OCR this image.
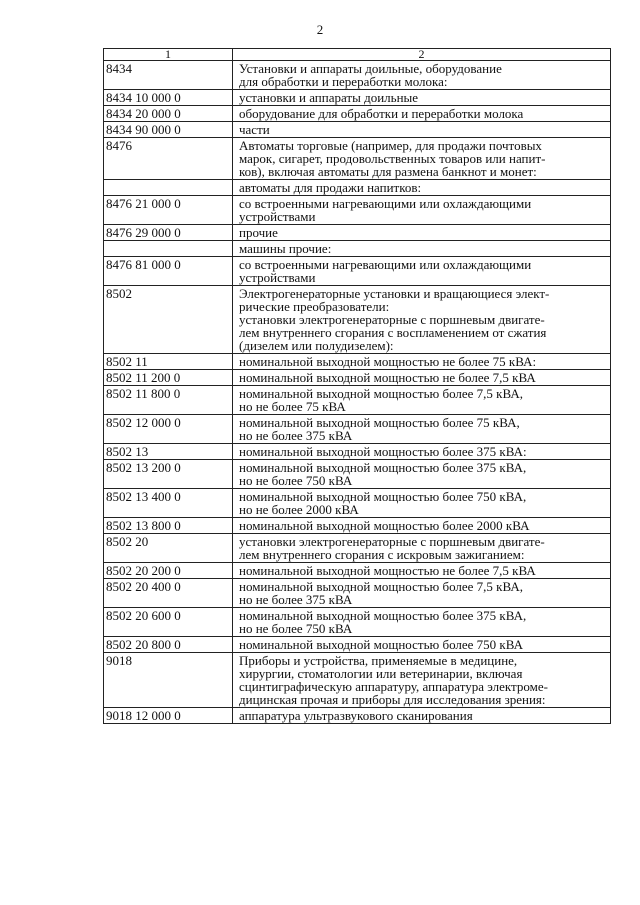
2
1	2
8434	Установки и аппараты доильные, оборудование
для обработки и переработки молока:

8434 10 000 0	установки и аппараты доильные

8434 20 000 0	оборудование для обработки и переработки молока

8434 90 000 0	части

8476	Автоматы торговые (например, для продажи почтовых
марок, сигарет, продовольственных товаров или напит-
ков), включая автоматы для размена банкнот и монет:

	автоматы для продажи напитков:

8476 21 000 0	со встроенными нагревающими или охлаждающими
устройствами

8476 29 000 0	прочие

	машины прочие:

8476 81 000 0	со встроенными нагревающими или охлаждающими
устройствами

8502	Электрогенераторные установки и вращающиеся элект-
рические преобразователи:
установки электрогенераторные с поршневым двигате-
лем внутреннего сгорания с воспламенением от сжатия
(дизелем или полудизелем):

8502 11	номинальной выходной мощностью не более 75 кВА:

8502 11 200 0	номинальной выходной мощностью не более 7,5 кВА

8502 11 800 0	номинальной выходной мощностью более 7,5 кВА,
но не более 75 кВА

8502 12 000 0	номинальной выходной мощностью более 75 кВА,
но не более 375 кВА

8502 13	номинальной выходной мощностью более 375 кВА:

8502 13 200 0	номинальной выходной мощностью более 375 кВА,
но не более 750 кВА

8502 13 400 0	номинальной выходной мощностью более 750 кВА,
но не более 2000 кВА

8502 13 800 0	номинальной выходной мощностью более 2000 кВА

8502 20	установки электрогенераторные с поршневым двигате-
лем внутреннего сгорания с искровым зажиганием:

8502 20 200 0	номинальной выходной мощностью не более 7,5 кВА

8502 20 400 0	номинальной выходной мощностью более 7,5 кВА,
но не более 375 кВА

8502 20 600 0	номинальной выходной мощностью более 375 кВА,
но не более 750 кВА

8502 20 800 0	номинальной выходной мощностью более 750 кВА

9018	Приборы и устройства, применяемые в медицине,
хирургии, стоматологии или ветеринарии, включая
сцинтиграфическую аппаратуру, аппаратура электроме-
дицинская прочая и приборы для исследования зрения:

9018 12 000 0	аппаратура ультразвукового сканирования
